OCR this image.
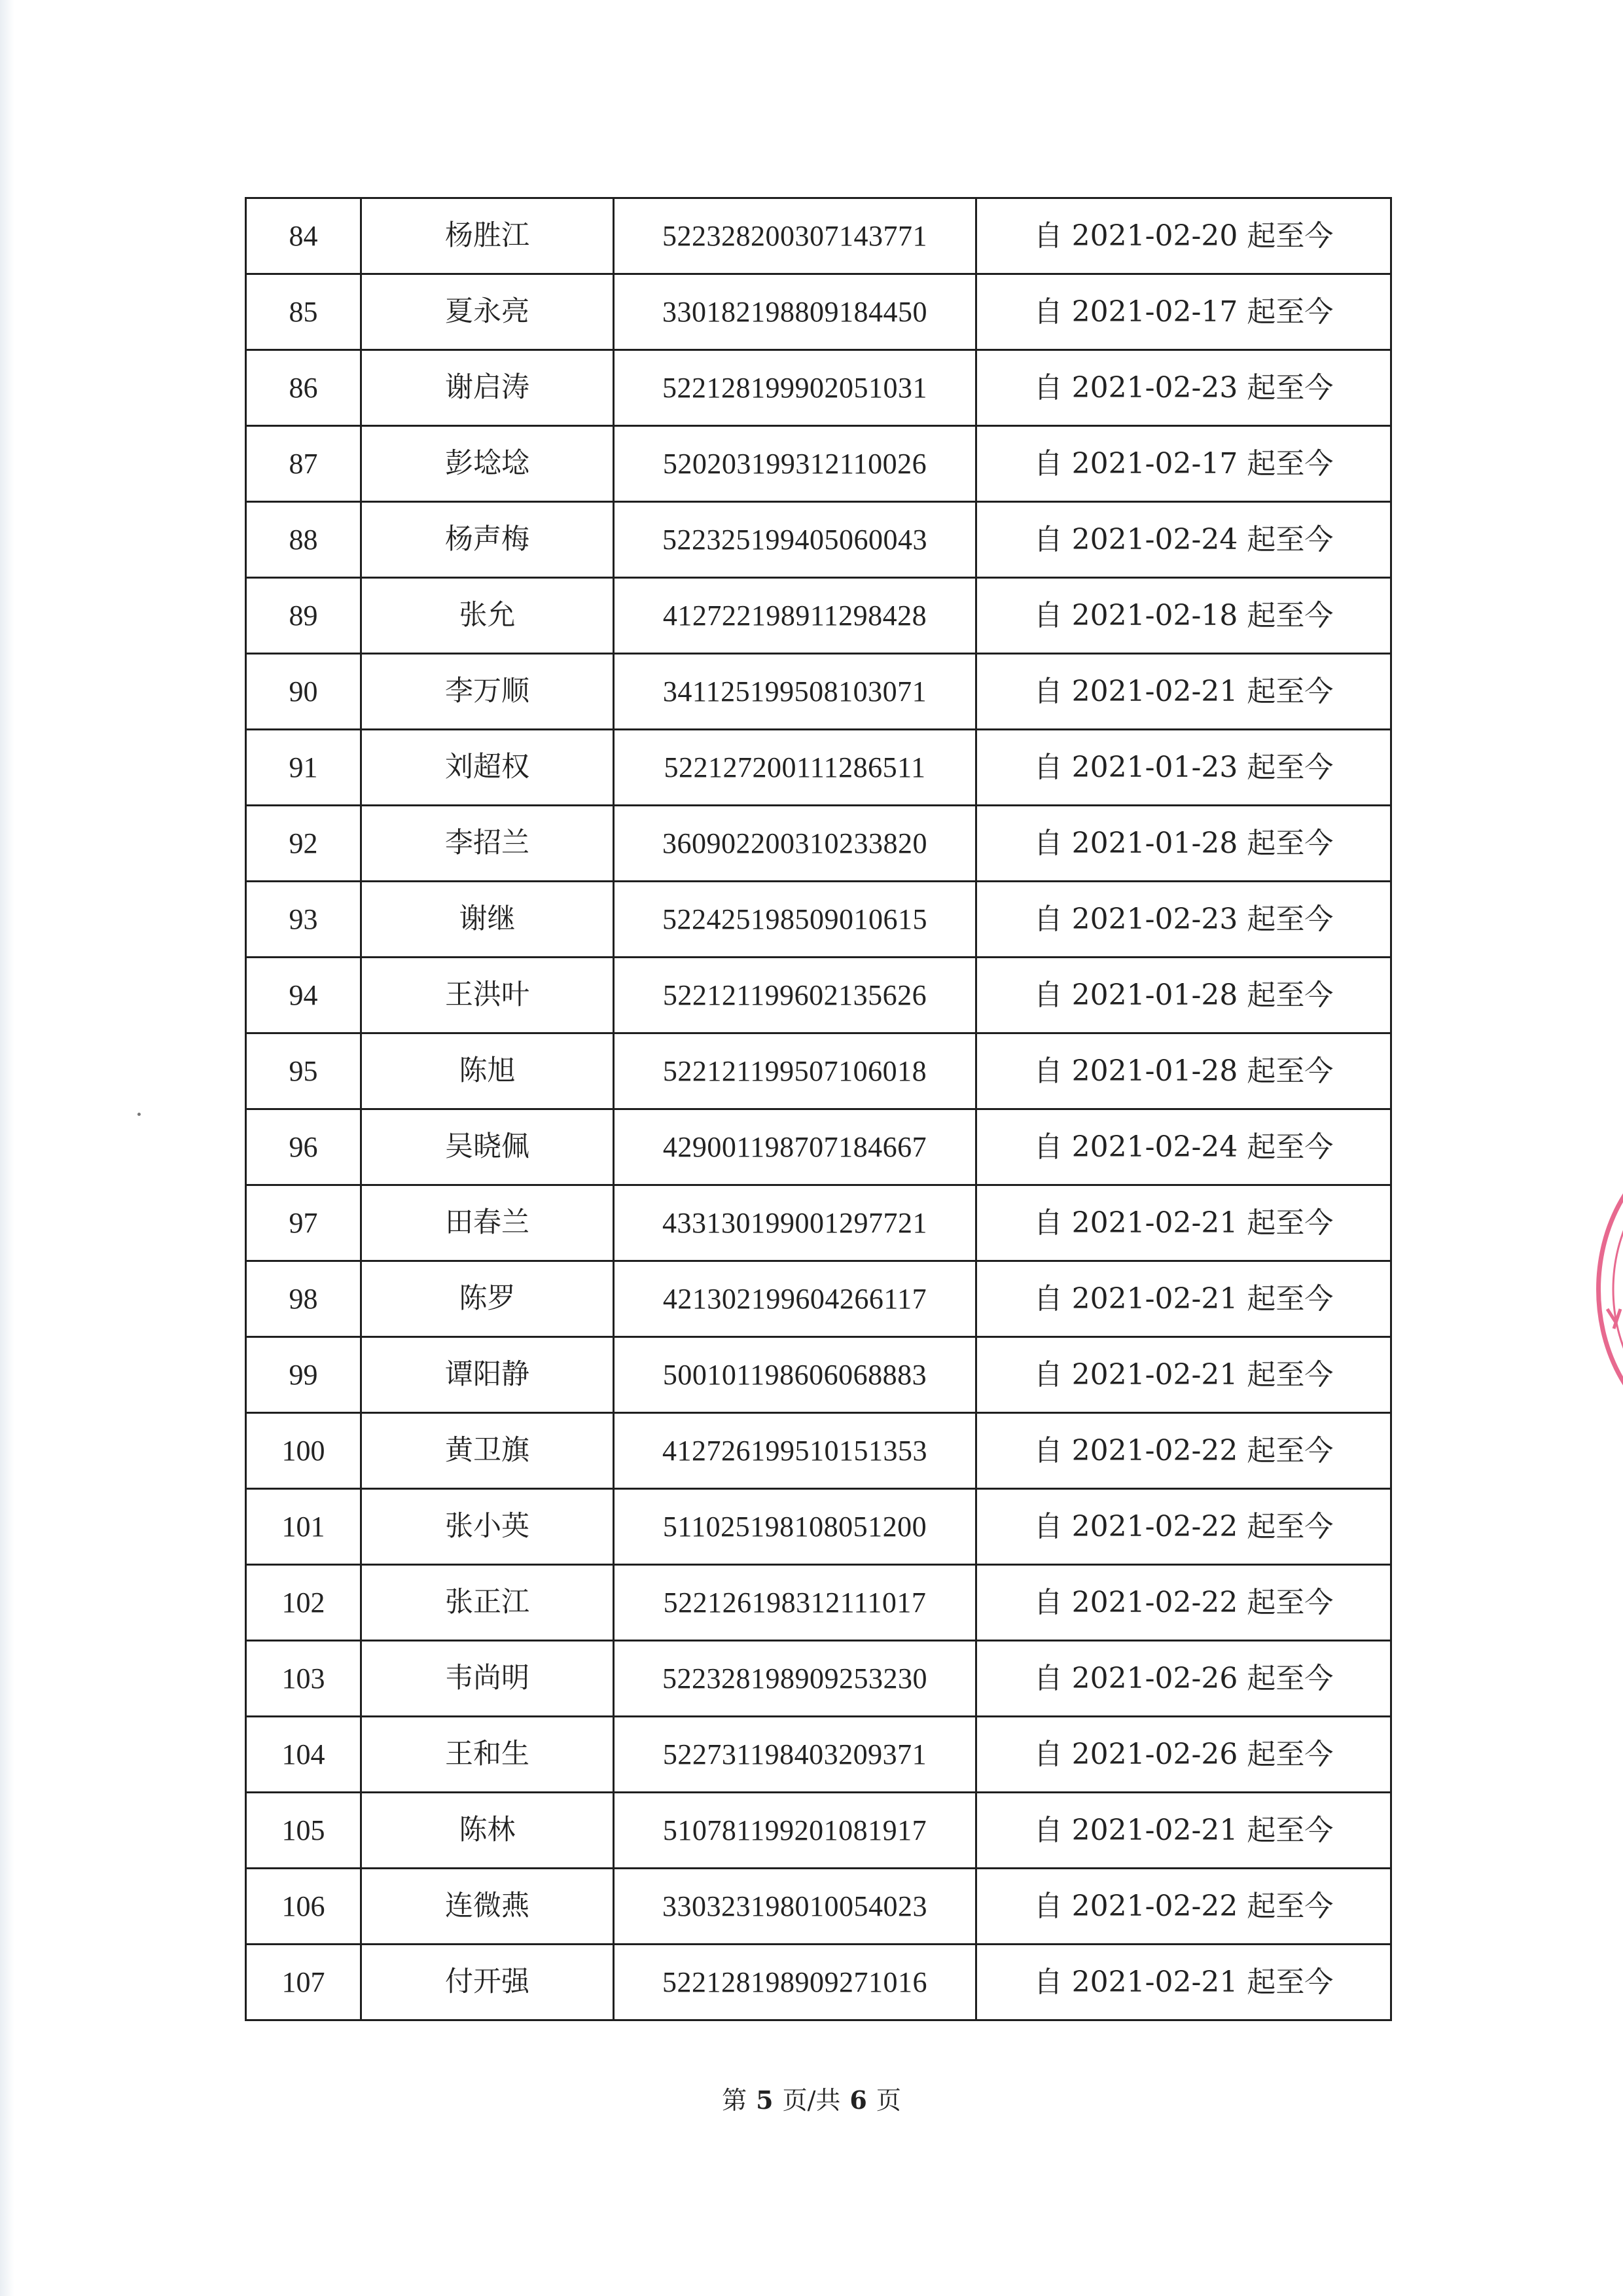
84	杨胜江	522328200307143771	自 2021-02-20 起至今
85	夏永亮	330182198809184450	自 2021-02-17 起至今
86	谢启涛	522128199902051031	自 2021-02-23 起至今
87	彭埝埝	520203199312110026	自 2021-02-17 起至今
88	杨声梅	522325199405060043	自 2021-02-24 起至今
89	张允	412722198911298428	自 2021-02-18 起至今
90	李万顺	341125199508103071	自 2021-02-21 起至今
91	刘超权	522127200111286511	自 2021-01-23 起至今
92	李招兰	360902200310233820	自 2021-01-28 起至今
93	谢继	522425198509010615	自 2021-02-23 起至今
94	王洪叶	522121199602135626	自 2021-01-28 起至今
95	陈旭	522121199507106018	自 2021-01-28 起至今
96	吴晓佩	429001198707184667	自 2021-02-24 起至今
97	田春兰	433130199001297721	自 2021-02-21 起至今
98	陈罗	421302199604266117	自 2021-02-21 起至今
99	谭阳静	500101198606068883	自 2021-02-21 起至今
100	黄卫旗	412726199510151353	自 2021-02-22 起至今
101	张小英	511025198108051200	自 2021-02-22 起至今
102	张正江	522126198312111017	自 2021-02-22 起至今
103	韦尚明	522328198909253230	自 2021-02-26 起至今
104	王和生	522731198403209371	自 2021-02-26 起至今
105	陈林	510781199201081917	自 2021-02-21 起至今
106	连微燕	330323198010054023	自 2021-02-22 起至今
107	付开强	522128198909271016	自 2021-02-21 起至今
第 5 页/共 6 页
